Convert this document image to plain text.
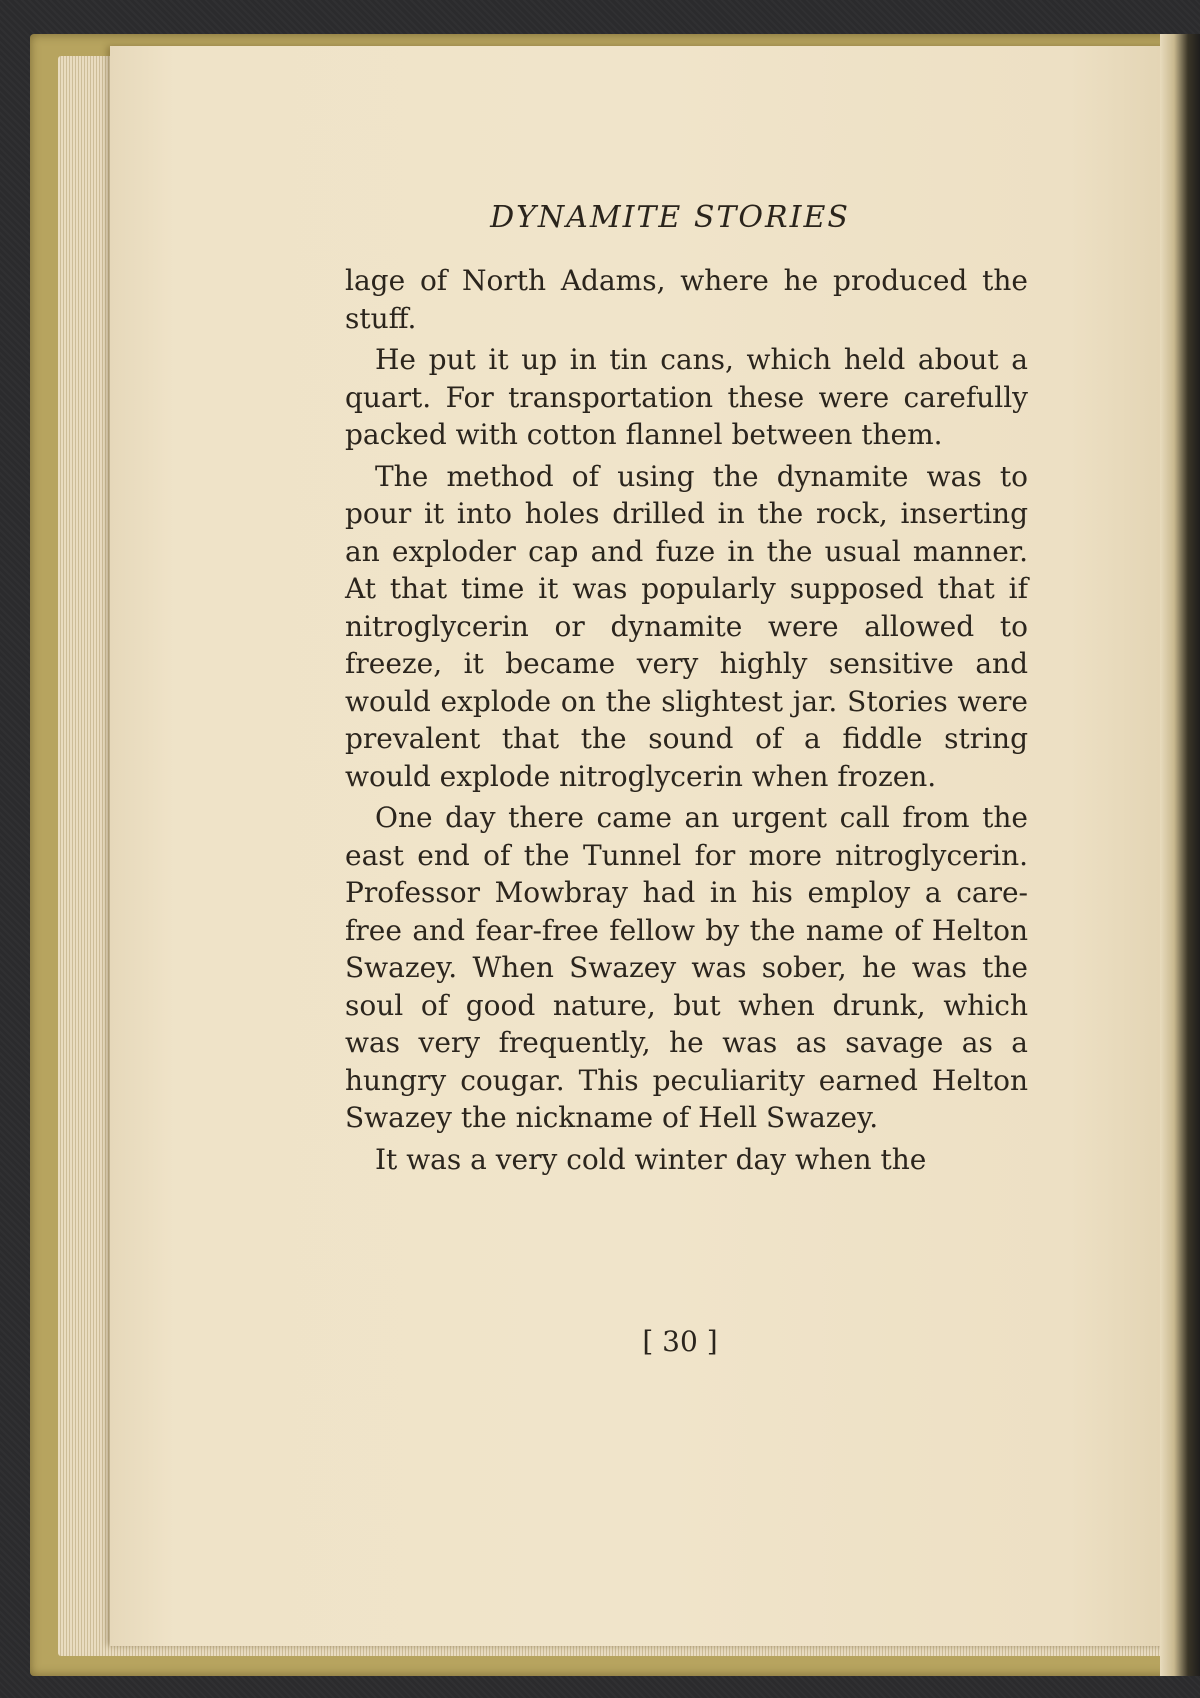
DYNAMITE STORIES

lage of North Adams, where he produced the stuff.

He put it up in tin cans, which held about a quart. For transportation these were carefully packed with cotton flannel between them.

The method of using the dynamite was to pour it into holes drilled in the rock, inserting an exploder cap and fuze in the usual manner. At that time it was popularly supposed that if nitroglycerin or dynamite were allowed to freeze, it became very highly sensitive and would explode on the slightest jar. Stories were prevalent that the sound of a fiddle string would explode nitroglycerin when frozen.

One day there came an urgent call from the east end of the Tunnel for more nitroglycerin. Professor Mowbray had in his employ a care-free and fear-free fellow by the name of Helton Swazey. When Swazey was sober, he was the soul of good nature, but when drunk, which was very frequently, he was as savage as a hungry cougar. This peculiarity earned Helton Swazey the nickname of Hell Swazey.

It was a very cold winter day when the

[ 30 ]
